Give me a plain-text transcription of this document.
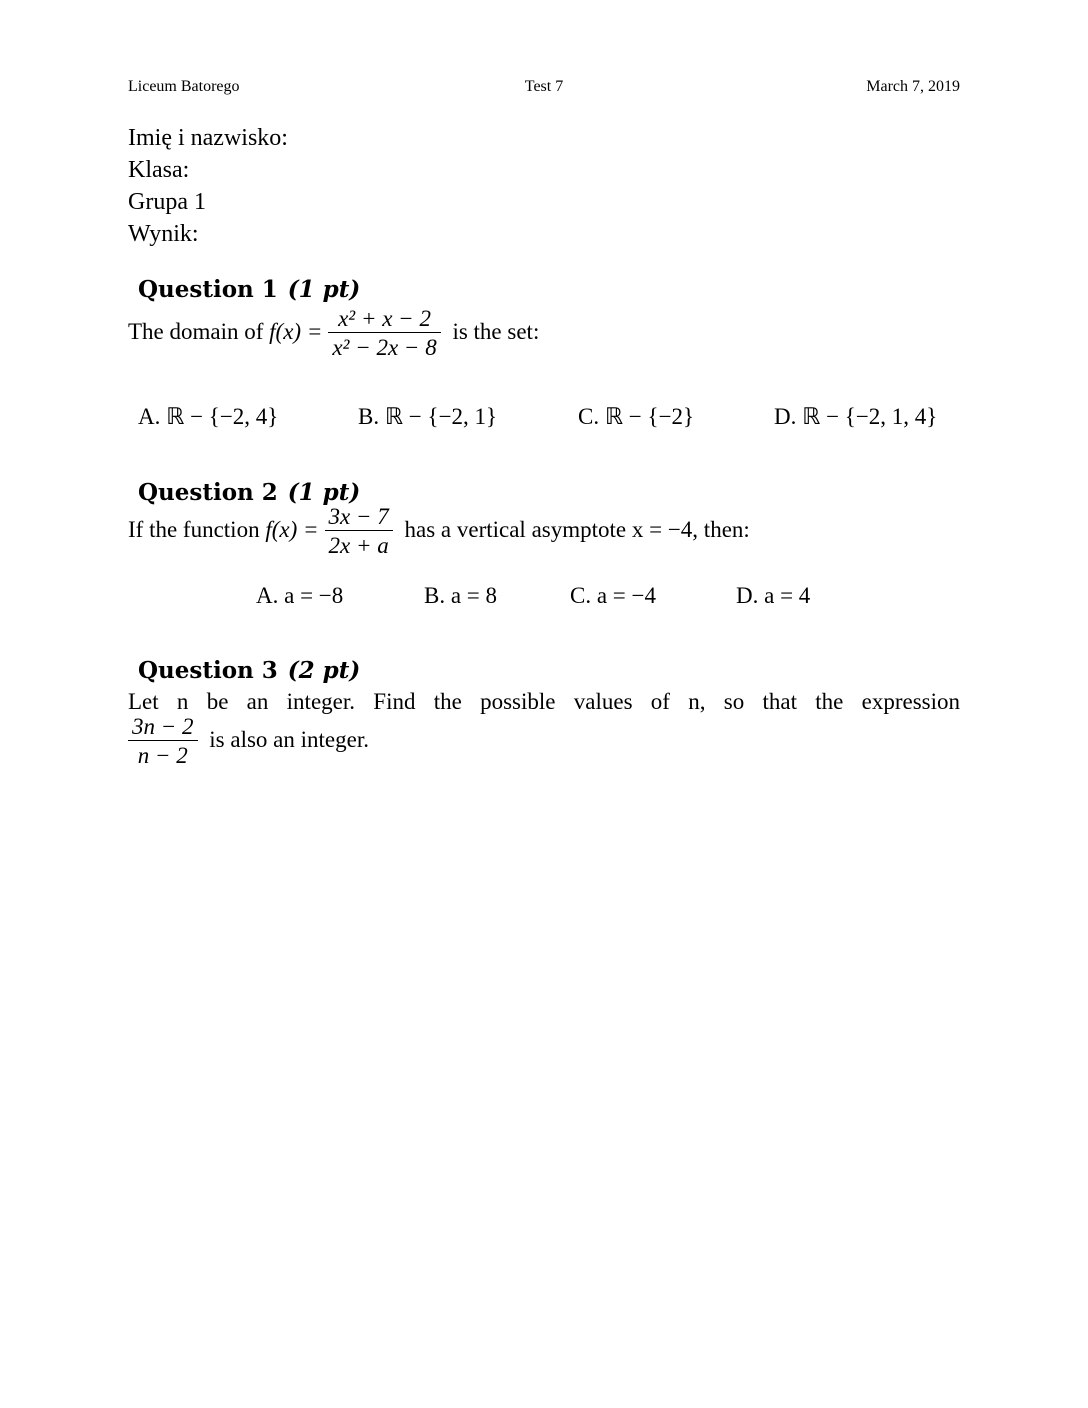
Liceum Batorego	Test 7	March 7, 2019
Imię i nazwisko:
Klasa:
Grupa 1
Wynik:
Question 1 (1 pt)
The domain of $f(x) = \frac{\text{x² + x − 2}}{\text{x² − 2x − 8}}$ is the set:
A. ℝ − {−2, 4}	B. ℝ − {−2, 1}	C. ℝ − {−2}	D. ℝ − {−2, 1, 4}
Question 2 (1 pt)
If the function $f(x) = \frac{3x - 7}{2x + a}$ has a vertical asymptote x = −4, then:
A. a = −8	B. a = 8	C. a = −4	D. a = 4
Question 3 (2 pt)
Let n be an integer. Find the possible values of n, so that the expression
$\frac{3n - 2}{n - 2}$ is also an integer.
